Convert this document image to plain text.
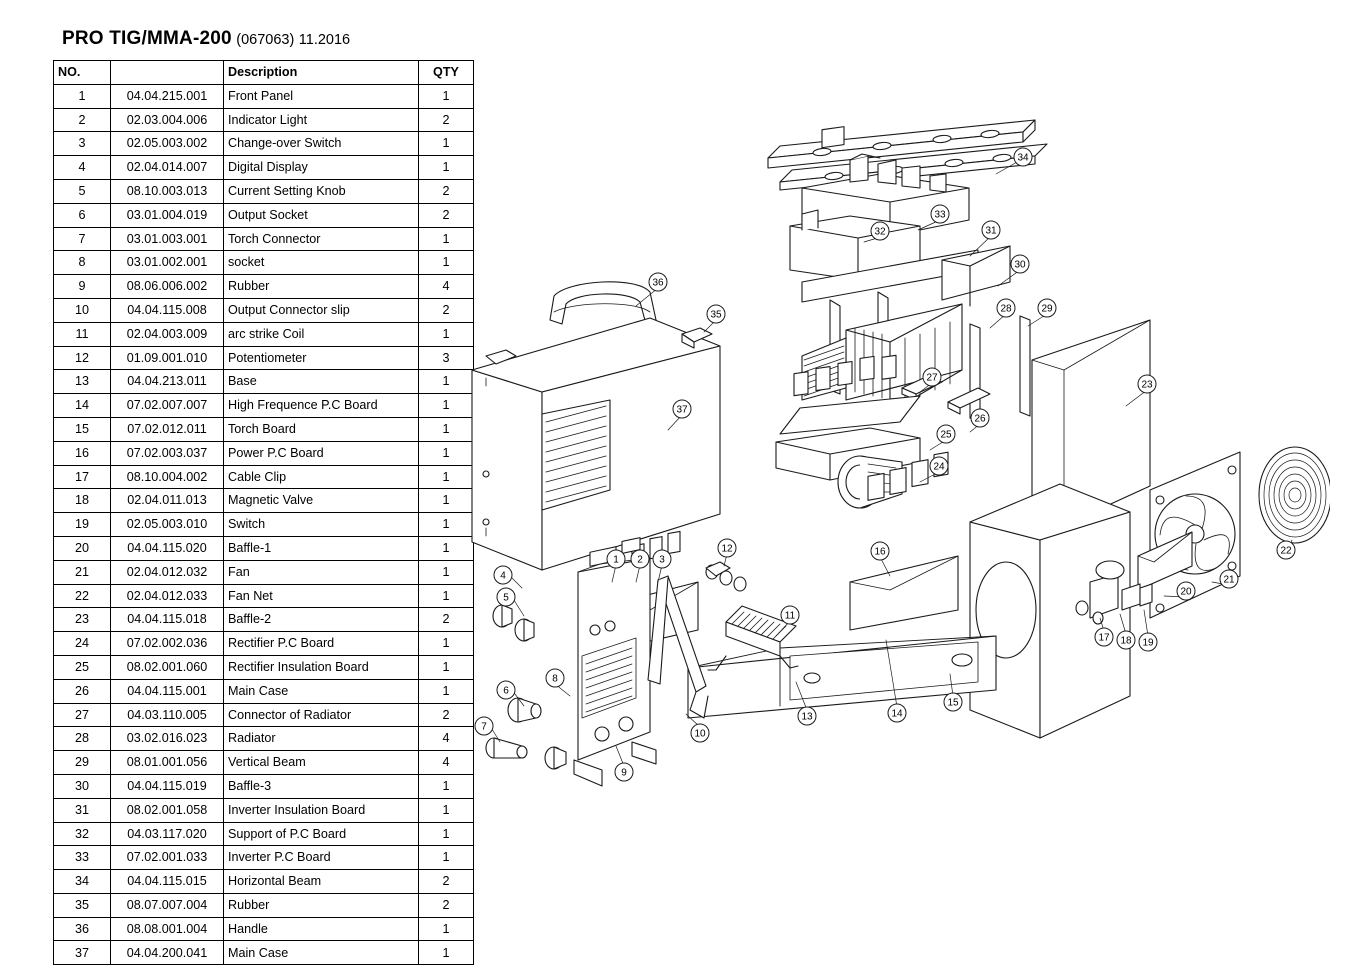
PRO TIG/MMA-200 (067063) 11.2016
NO.		Description	QTY
1	04.04.215.001	Front Panel	1
2	02.03.004.006	Indicator Light	2
3	02.05.003.002	Change-over Switch	1
4	02.04.014.007	Digital Display	1
5	08.10.003.013	Current Setting Knob	2
6	03.01.004.019	Output Socket	2
7	03.01.003.001	Torch Connector	1
8	03.01.002.001	socket	1
9	08.06.006.002	Rubber	4
10	04.04.115.008	Output Connector slip	2
11	02.04.003.009	arc strike Coil	1
12	01.09.001.010	Potentiometer	3
13	04.04.213.011	Base	1
14	07.02.007.007	High Frequence P.C Board	1
15	07.02.012.011	Torch Board	1
16	07.02.003.037	Power P.C Board	1
17	08.10.004.002	Cable Clip	1
18	02.04.011.013	Magnetic Valve	1
19	02.05.003.010	Switch	1
20	04.04.115.020	Baffle-1	1
21	02.04.012.032	Fan	1
22	02.04.012.033	Fan Net	1
23	04.04.115.018	Baffle-2	2
24	07.02.002.036	Rectifier P.C Board	1
25	08.02.001.060	Rectifier Insulation Board	1
26	04.04.115.001	Main Case	1
27	04.03.110.005	Connector of Radiator	2
28	03.02.016.023	Radiator	4
29	08.01.001.056	Vertical Beam	4
30	04.04.115.019	Baffle-3	1
31	08.02.001.058	Inverter Insulation Board	1
32	04.03.117.020	Support of P.C Board	1
33	07.02.001.033	Inverter P.C Board	1
34	04.04.115.015	Horizontal Beam	2
35	08.07.007.004	Rubber	2
36	08.08.001.004	Handle	1
37	04.04.200.041	Main Case	1
1 2 3
4
5
6
7
8
9
10
11
12
13	14
15
16
17 18 19
20
21
22
23
24
25
26
27
28	29
30
31
32
33
34
35
36
37
